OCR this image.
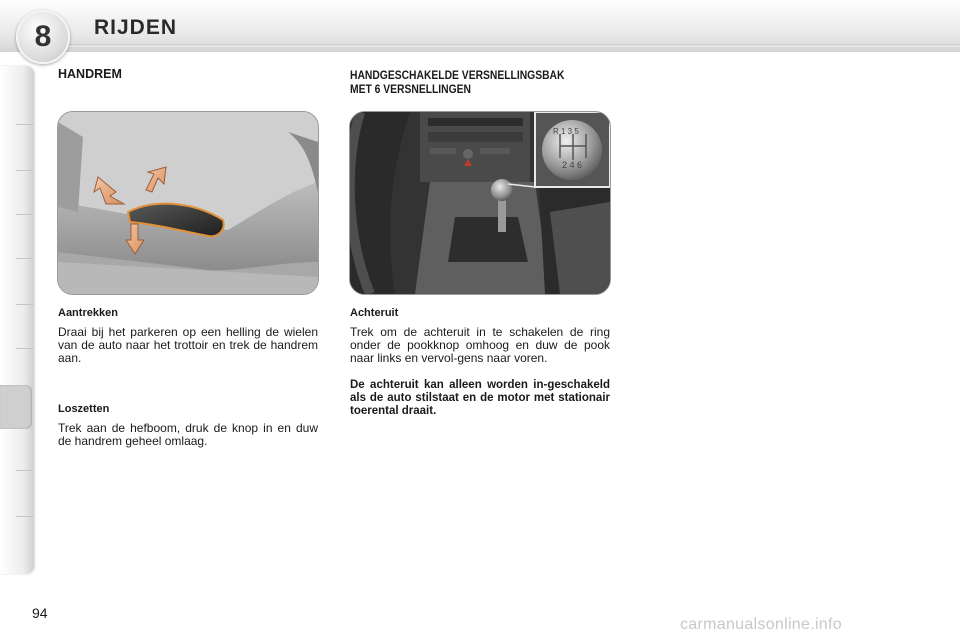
8	RIJDEN
HANDREM	HANDGESCHAKELDE VERSNELLINGSBAK
MET 6 VERSNELLINGEN
R 1 3 5
2 4 6
Aantrekken
Draai bij het parkeren op een helling de wielen van de auto naar het trottoir en trek de handrem aan.
Loszetten
Trek aan de hefboom, druk de knop in en duw de handrem geheel omlaag.
Achteruit
Trek om de achteruit in te schakelen de ring onder de pookknop omhoog en duw de pook naar links en vervol-gens naar voren.
De achteruit kan alleen worden in-geschakeld als de auto stilstaat en de motor met stationair toerental draait.
94
carmanualsonline.info
